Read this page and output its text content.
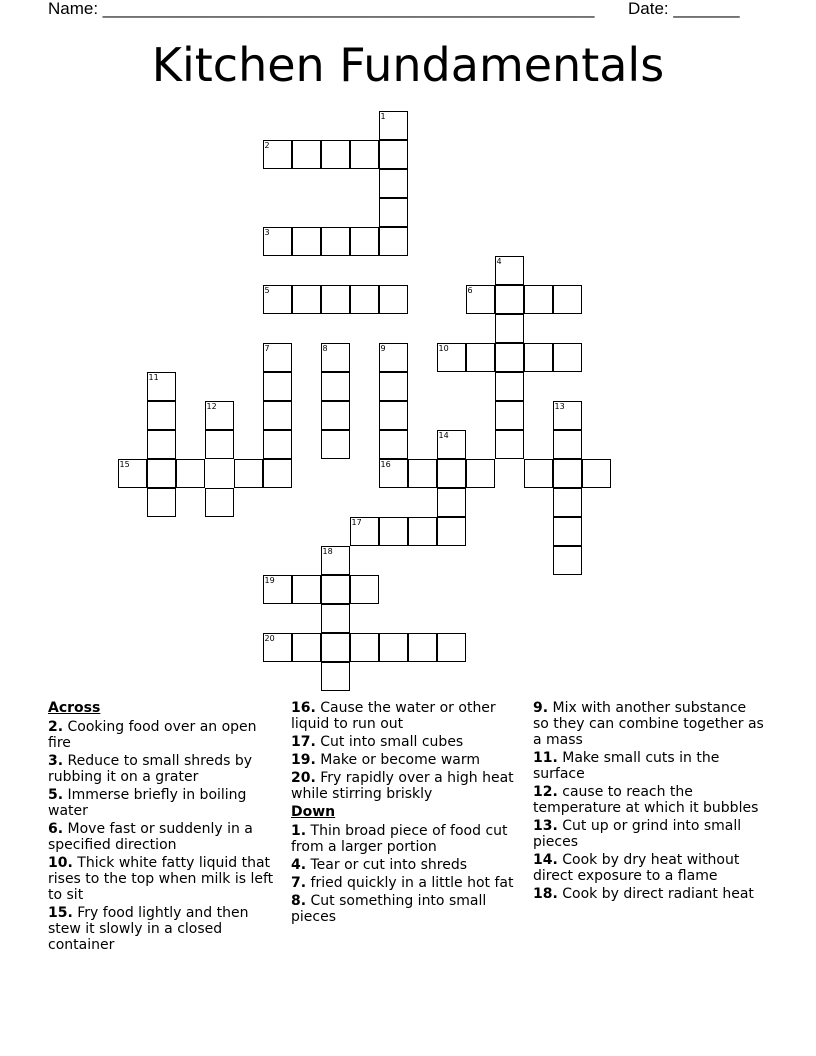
Name: ____________________________________________________ Date: _______
Kitchen Fundamentals
1
2
3
4
5	6
10
7	8	9
16
11
15
12	13
14
17
18
19
20
Across
2. Cooking food over an open fire
3. Reduce to small shreds by rubbing it on a grater
5. Immerse briefly in boiling water
6. Move fast or suddenly in a specified direction
10. Thick white fatty liquid that rises to the top when milk is left to sit
15. Fry food lightly and then stew it slowly in a closed container
16. Cause the water or other liquid to run out
17. Cut into small cubes
19. Make or become warm
20. Fry rapidly over a high heat while stirring briskly
Down
1. Thin broad piece of food cut from a larger portion
4. Tear or cut into shreds
7. fried quickly in a little hot fat
8. Cut something into small pieces
9. Mix with another substance so they can combine together as a mass
11. Make small cuts in the surface
12. cause to reach the temperature at which it bubbles
13. Cut up or grind into small pieces
14. Cook by dry heat without direct exposure to a flame
18. Cook by direct radiant heat
